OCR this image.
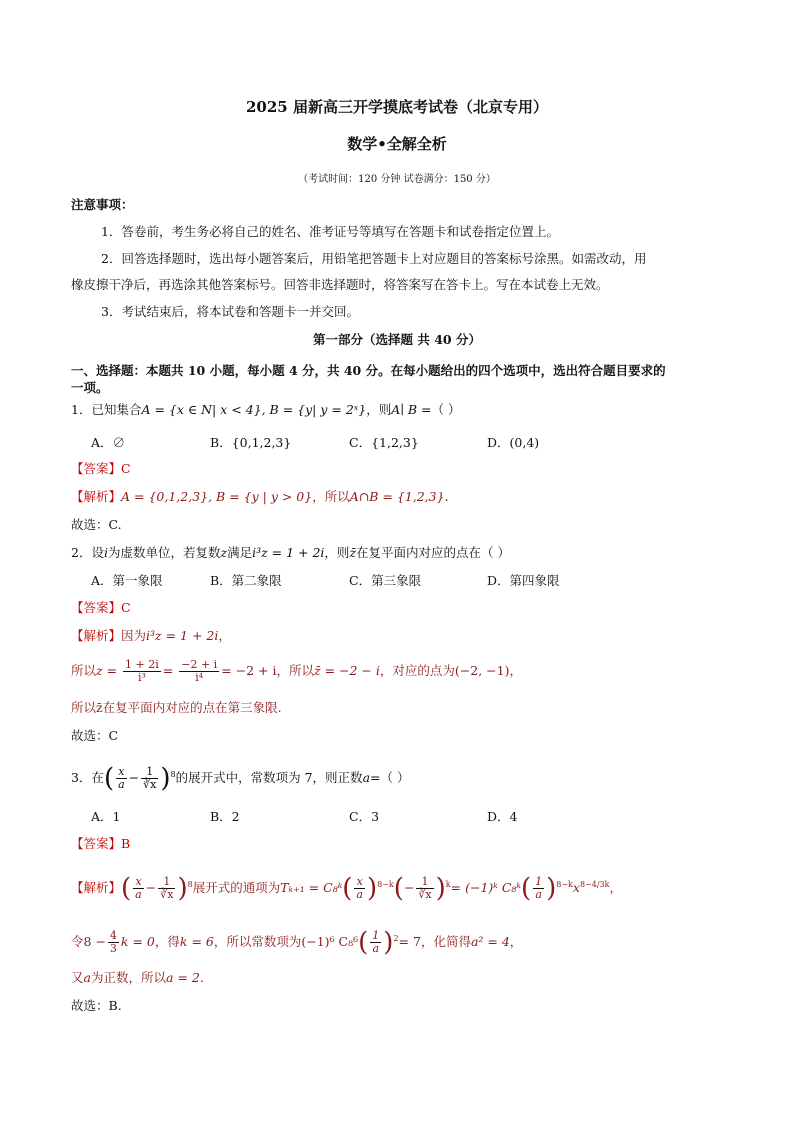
2025 届新高三开学摸底考试卷（北京专用）
数学•全解全析
（考试时间：120 分钟 试卷满分：150 分）
注意事项：
1．答卷前，考生务必将自己的姓名、准考证号等填写在答题卡和试卷指定位置上。
2．回答选择题时，选出每小题答案后，用铅笔把答题卡上对应题目的答案标号涂黑。如需改动，用
橡皮擦干净后，再选涂其他答案标号。回答非选择题时，将答案写在答卡上。写在本试卷上无效。
3．考试结束后，将本试卷和答题卡一并交回。
第一部分（选择题 共 40 分）
一、选择题：本题共 10 小题，每小题 4 分，共 40 分。在每小题给出的四个选项中，选出符合题目要求的
一项。
1．已知集合A = {x ∈ N| x < 4}, B = {y| y = 2ˣ}，则A∣ B =（ ）
A．∅	B．{0,1,2,3}	C．{1,2,3}	D．(0,4)
【答案】C
【解析】A = {0,1,2,3}, B = {y | y > 0}，所以A∩B = {1,2,3}.
故选：C.
2．设i为虚数单位，若复数z满足i³z = 1 + 2i，则z̄在复平面内对应的点在（ ）
A．第一象限	B．第二象限	C．第三象限	D．第四象限
【答案】C
【解析】因为i³z = 1 + 2i，
所以$z = \frac{1 + 2i}{\text{i³}} = \frac{-2 + i}{\text{i⁴}} = -2 + i$，所以z̄ = −2 − i，对应的点为(−2, −1)，
所以z̄在复平面内对应的点在第三象限.
故选：C
3．在( $\frac{x}{a} - \frac{1}{∛x} )^8$的展开式中，常数项为 7，则正数a=（ ）
A．1	B．2	C．3	D．4
【答案】B
【解析】( $\frac{x}{a} - \frac{1}{∛x} )^8$展开式的通项为Tₖ₊₁ = C₈ᵏ( $\frac{x}{a} )^{8-k}(- \frac{1}{∛x} )^k=$ (−1)ᵏ C₈ᵏ( $\frac{1}{a} )^{8-k}x^{8-4/3k}$，
令$8 - \frac{4}{3}$ k = 0，得k = 6，所以常数项为(−1)⁶ $C_8^6( \frac{1}{a} )^2= 7$，化简得a² = 4，
又a为正数，所以a = 2.
故选：B.
